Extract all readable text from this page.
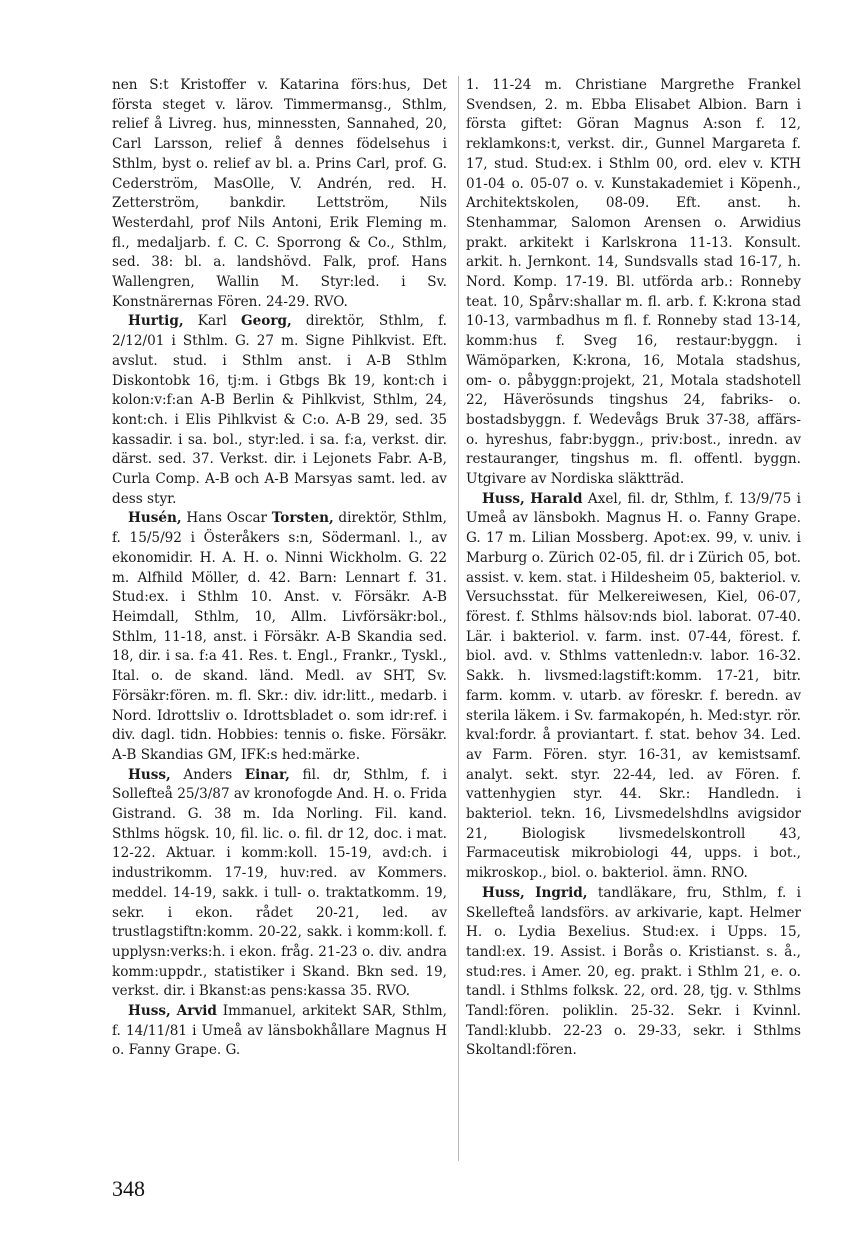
nen S:t Kristoffer v. Katarina försːhus, Det första steget v. lärov. Timmermansg., Sthlm, relief å Livreg. hus, minnessten, Sannahed, 20, Carl Larsson, relief å dennes födelsehus i Sthlm, byst o. relief av bl. a. Prins Carl, prof. G. Cederström, MasOlle, V. Andrén, red. H. Zetterström, bankdir. Lettström, Nils Westerdahl, prof Nils Antoni, Erik Fleming m. fl., medaljarb. f. C. C. Sporrong & Co., Sthlm, sed. 38: bl. a. landshövd. Falk, prof. Hans Wallengren, Wallin M. Styr:led. i Sv. Konstnärernas Fören. 24-29. RVO.

Hurtig, Karl Georg, direktör, Sthlm, f. 2/12/01 i Sthlm. G. 27 m. Signe Pihlkvist. Eft. avslut. stud. i Sthlm anst. i A-B Sthlm Diskontobk 16, tj:m. i Gtbgs Bk 19, kont:ch i kolon:v:f:an A-B Berlin & Pihlkvist, Sthlm, 24, kont:ch. i Elis Pihlkvist & C:o. A-B 29, sed. 35 kassadir. i sa. bol., styr:led. i sa. f:a, verkst. dir. därst. sed. 37. Verkst. dir. i Lejonets Fabr. A-B, Curla Comp. A-B och A-B Marsyas samt. led. av dess styr.

Husén, Hans Oscar Torsten, direktör, Sthlm, f. 15/5/92 i Österåkers s:n, Södermanl. l., av ekonomidir. H. A. H. o. Ninni Wickholm. G. 22 m. Alfhild Möller, d. 42. Barn: Lennart f. 31. Stud:ex. i Sthlm 10. Anst. v. Försäkr. A-B Heimdall, Sthlm, 10, Allm. Livförsäkr:bol., Sthlm, 11-18, anst. i Försäkr. A-B Skandia sed. 18, dir. i sa. f:a 41. Res. t. Engl., Frankr., Tyskl., Ital. o. de skand. länd. Medl. av SHT, Sv. Försäkr:fören. m. fl. Skr.: div. idr:litt., medarb. i Nord. Idrottsliv o. Idrottsbladet o. som idr:ref. i div. dagl. tidn. Hobbies: tennis o. fiske. Försäkr. A-B Skandias GM, IFK:s hed:märke.

Huss, Anders Einar, fil. dr, Sthlm, f. i Sollefteå 25/3/87 av kronofogde And. H. o. Frida Gistrand. G. 38 m. Ida Norling. Fil. kand. Sthlms högsk. 10, fil. lic. o. fil. dr 12, doc. i mat. 12-22. Aktuar. i komm:koll. 15-19, avd:ch. i industrikomm. 17-19, huv:red. av Kommers. meddel. 14-19, sakk. i tull- o. traktatkomm. 19, sekr. i ekon. rådet 20-21, led. av trustlagstiftn:komm. 20-22, sakk. i komm:koll. f. upplysn:verks:h. i ekon. fråg. 21-23 o. div. andra komm:uppdr., statistiker i Skand. Bkn sed. 19, verkst. dir. i Bkanst:as pens:kassa 35. RVO.

Huss, Arvid Immanuel, arkitekt SAR, Sthlm, f. 14/11/81 i Umeå av länsbokhållare Magnus H o. Fanny Grape. G.

1. 11-24 m. Christiane Margrethe Frankel Svendsen, 2. m. Ebba Elisabet Albion. Barn i första giftet: Göran Magnus A:son f. 12, reklamkons:t, verkst. dir., Gunnel Margareta f. 17, stud. Stud:ex. i Sthlm 00, ord. elev v. KTH 01-04 o. 05-07 o. v. Kunstakademiet i Köpenh., Architektskolen, 08-09. Eft. anst. h. Stenhammar, Salomon Arensen o. Arwidius prakt. arkitekt i Karlskrona 11-13. Konsult. arkit. h. Jernkont. 14, Sundsvalls stad 16-17, h. Nord. Komp. 17-19. Bl. utförda arb.: Ronneby teat. 10, Spårv:shallar m. fl. arb. f. K:krona stad 10-13, varmbadhus m fl. f. Ronneby stad 13-14, komm:hus f. Sveg 16, restaur:byggn. i Wämöparken, K:krona, 16, Motala stadshus, om- o. påbyggn:projekt, 21, Motala stadshotell 22, Häverösunds tingshus 24, fabriks- o. bostadsbyggn. f. Wedevågs Bruk 37-38, affärs- o. hyreshus, fabr:byggn., priv:bost., inredn. av restauranger, tingshus m. fl. offentl. byggn. Utgivare av Nordiska släktträd.

Huss, Harald Axel, fil. dr, Sthlm, f. 13/9/75 i Umeå av länsbokh. Magnus H. o. Fanny Grape. G. 17 m. Lilian Mossberg. Apot:ex. 99, v. univ. i Marburg o. Zürich 02-05, fil. dr i Zürich 05, bot. assist. v. kem. stat. i Hildesheim 05, bakteriol. v. Versuchsstat. für Melkereiwesen, Kiel, 06-07, förest. f. Sthlms hälsov:nds biol. laborat. 07-40. Lär. i bakteriol. v. farm. inst. 07-44, förest. f. biol. avd. v. Sthlms vattenledn:v. labor. 16-32. Sakk. h. livsmed:lagstift:komm. 17-21, bitr. farm. komm. v. utarb. av föreskr. f. beredn. av sterila läkem. i Sv. farmakopén, h. Med:styr. rör. kval:fordr. å proviantart. f. stat. behov 34. Led. av Farm. Fören. styr. 16-31, av kemistsamf. analyt. sekt. styr. 22-44, led. av Fören. f. vattenhygien styr. 44. Skr.: Handledn. i bakteriol. tekn. 16, Livsmedelshdlns avigsidor 21, Biologisk livsmedelskontroll 43, Farmaceutisk mikrobiologi 44, upps. i bot., mikroskop., biol. o. bakteriol. ämn. RNO.

Huss, Ingrid, tandläkare, fru, Sthlm, f. i Skellefteå landsförs. av arkivarie, kapt. Helmer H. o. Lydia Bexelius. Stud:ex. i Upps. 15, tandl:ex. 19. Assist. i Borås o. Kristianst. s. å., stud:res. i Amer. 20, eg. prakt. i Sthlm 21, e. o. tandl. i Sthlms folksk. 22, ord. 28, tjg. v. Sthlms Tandl:fören. poliklin. 25-32. Sekr. i Kvinnl. Tandl:klubb. 22-23 o. 29-33, sekr. i Sthlms Skoltandl:fören.

348
